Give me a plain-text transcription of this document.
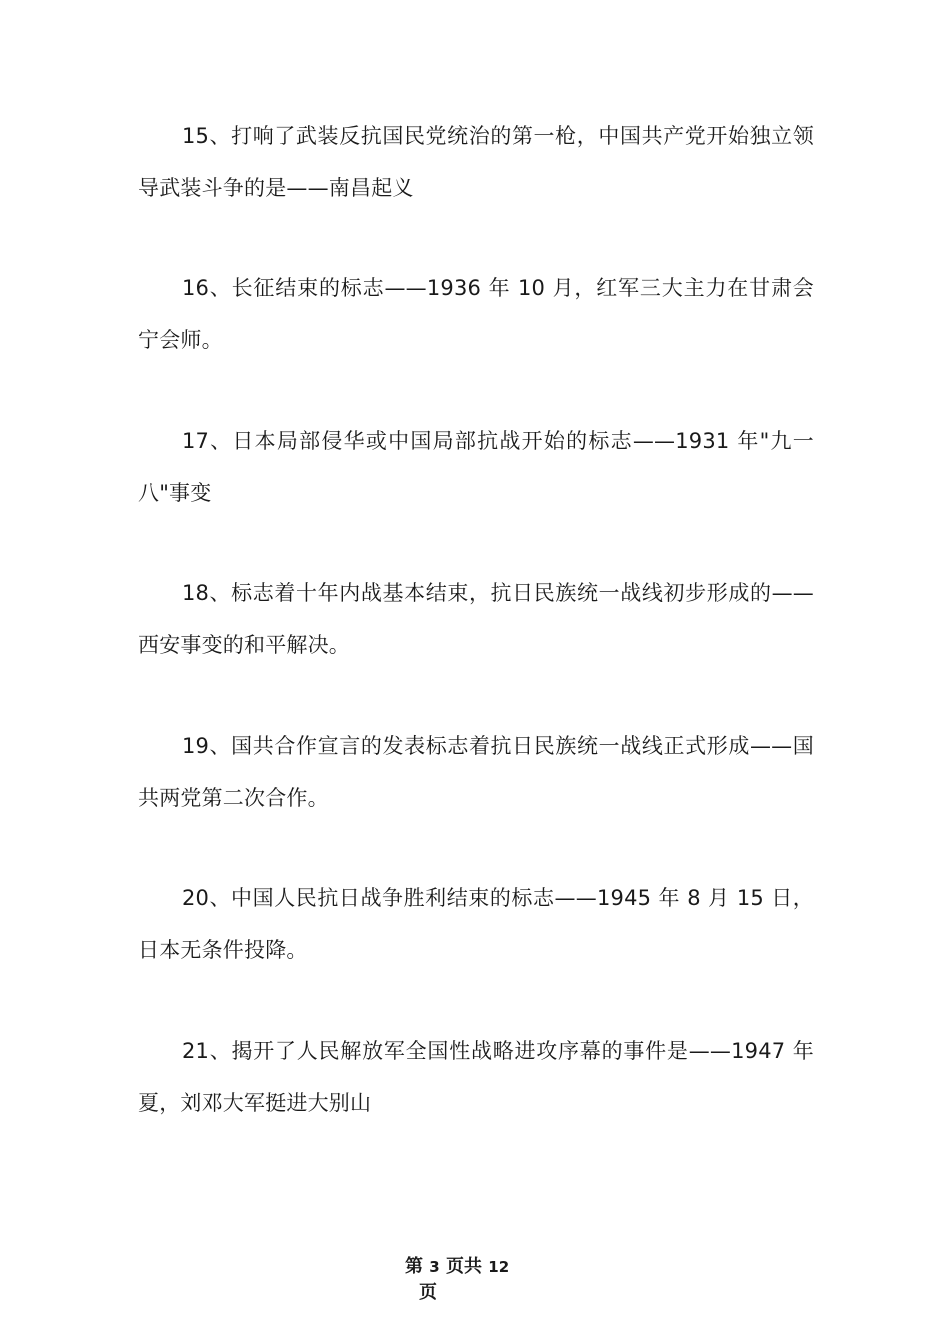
15、打响了武装反抗国民党统治的第一枪，中国共产党开始独立领导武装斗争的是——南昌起义

16、长征结束的标志——1936 年 10 月，红军三大主力在甘肃会宁会师。

17、日本局部侵华或中国局部抗战开始的标志——1931 年"九一八"事变

18、标志着十年内战基本结束，抗日民族统一战线初步形成的——西安事变的和平解决。

19、国共合作宣言的发表标志着抗日民族统一战线正式形成——国共两党第二次合作。

20、中国人民抗日战争胜利结束的标志——1945 年 8 月 15 日，日本无条件投降。

21、揭开了人民解放军全国性战略进攻序幕的事件是——1947 年夏，刘邓大军挺进大别山

第 3 页共 12
页
